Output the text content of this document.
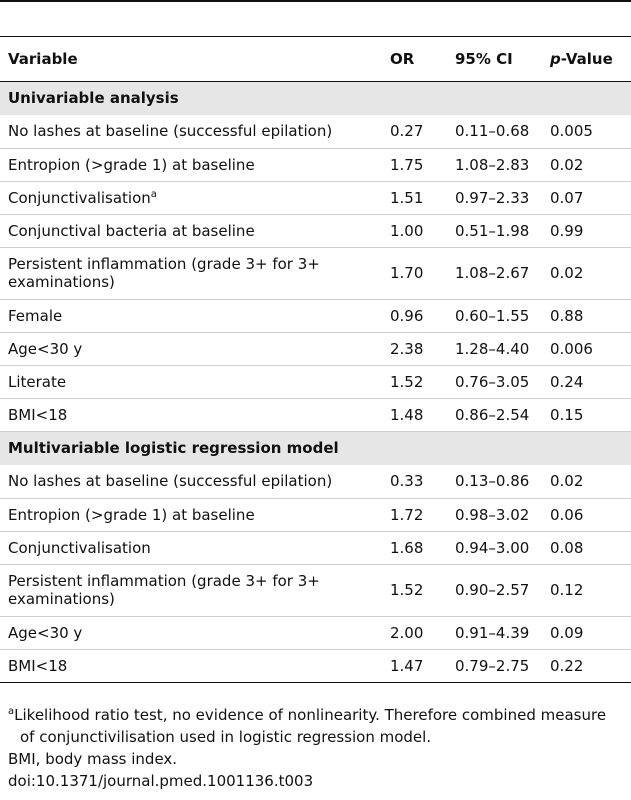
Variable	OR	95% CI	p-Value
Univariable analysis			
No lashes at baseline (successful epilation)	0.27	0.11–0.68	0.005
Entropion (>grade 1) at baseline	1.75	1.08–2.83	0.02
Conjunctivalisation$^a$	1.51	0.97–2.33	0.07
Conjunctival bacteria at baseline	1.00	0.51–1.98	0.99
Persistent inflammation (grade 3+ for 3+ examinations)	1.70	1.08–2.67	0.02
Female	0.96	0.60–1.55	0.88
Age<30 y	2.38	1.28–4.40	0.006
Literate	1.52	0.76–3.05	0.24
BMI<18	1.48	0.86–2.54	0.15
Multivariable logistic regression model			
No lashes at baseline (successful epilation)	0.33	0.13–0.86	0.02
Entropion (>grade 1) at baseline	1.72	0.98–3.02	0.06
Conjunctivalisation	1.68	0.94–3.00	0.08
Persistent inflammation (grade 3+ for 3+ examinations)	1.52	0.90–2.57	0.12
Age<30 y	2.00	0.91–4.39	0.09
BMI<18	1.47	0.79–2.75	0.22
$^a$Likelihood ratio test, no evidence of nonlinearity. Therefore combined measure
of conjunctivilisation used in logistic regression model.
BMI, body mass index.
doi:10.1371/journal.pmed.1001136.t003
